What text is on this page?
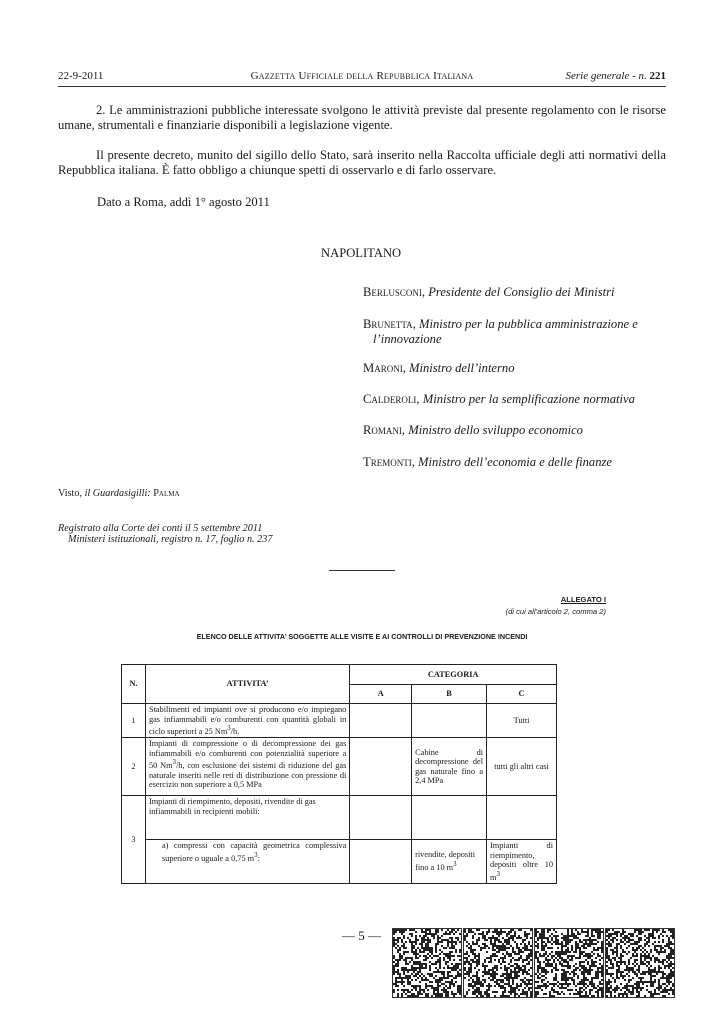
22-9-2011	Gazzetta Ufficiale della Repubblica Italiana	Serie generale - n. 221
2. Le amministrazioni pubbliche interessate svolgono le attività previste dal presente regolamento con le risorse umane, strumentali e finanziarie disponibili a legislazione vigente.
Il presente decreto, munito del sigillo dello Stato, sarà inserito nella Raccolta ufficiale degli atti normativi della Repubblica italiana. È fatto obbligo a chiunque spetti di osservarlo e di farlo osservare.
Dato a Roma, addì 1° agosto 2011
NAPOLITANO
Berlusconi, Presidente del Consiglio dei Ministri
Brunetta, Ministro per la pubblica amministrazione e
l’innovazione
Maroni, Ministro dell’interno
Calderoli, Ministro per la semplificazione normativa
Romani, Ministro dello sviluppo economico
Tremonti, Ministro dell’economia e delle finanze
Visto, il Guardasigilli: Palma
Registrato alla Corte dei conti il 5 settembre 2011
Ministeri istituzionali, registro n. 17, foglio n. 237
ALLEGATO I
(di cui all’articolo 2, comma 2)
ELENCO DELLE ATTIVITA’ SOGGETTE ALLE VISITE E AI CONTROLLI DI PREVENZIONE INCENDI
N.	ATTIVITA’	CATEGORIA		
		A	B	C
1	Stabilimenti ed impianti ove si producono e/o impiegano gas infiammabili e/o comburenti con quantità globali in ciclo superiori a 25 Nm$^3$/h.			Tutti
2	Impianti di compressione o di decompressione dei gas infiammabili e/o comburenti con potenzialità superiore a 50 Nm$^3$/h, con esclusione dei sistemi di riduzione del gas naturale inseriti nelle reti di distribuzione con pressione di esercizio non superiore a 0,5 MPa		Cabine di decompressione del gas naturale fino a 2,4 MPa	tutti gli altri casi
3	Impianti di riempimento, depositi, rivendite di gas infiammabili in recipienti mobili:			
	a) compressi con capacità geometrica complessiva superiore o uguale a 0,75 $m^3$:		rivendite, depositi fino a 10 $m^3$	Impianti di riempimento, depositi oltre 10 $m^3$
— 5 —
